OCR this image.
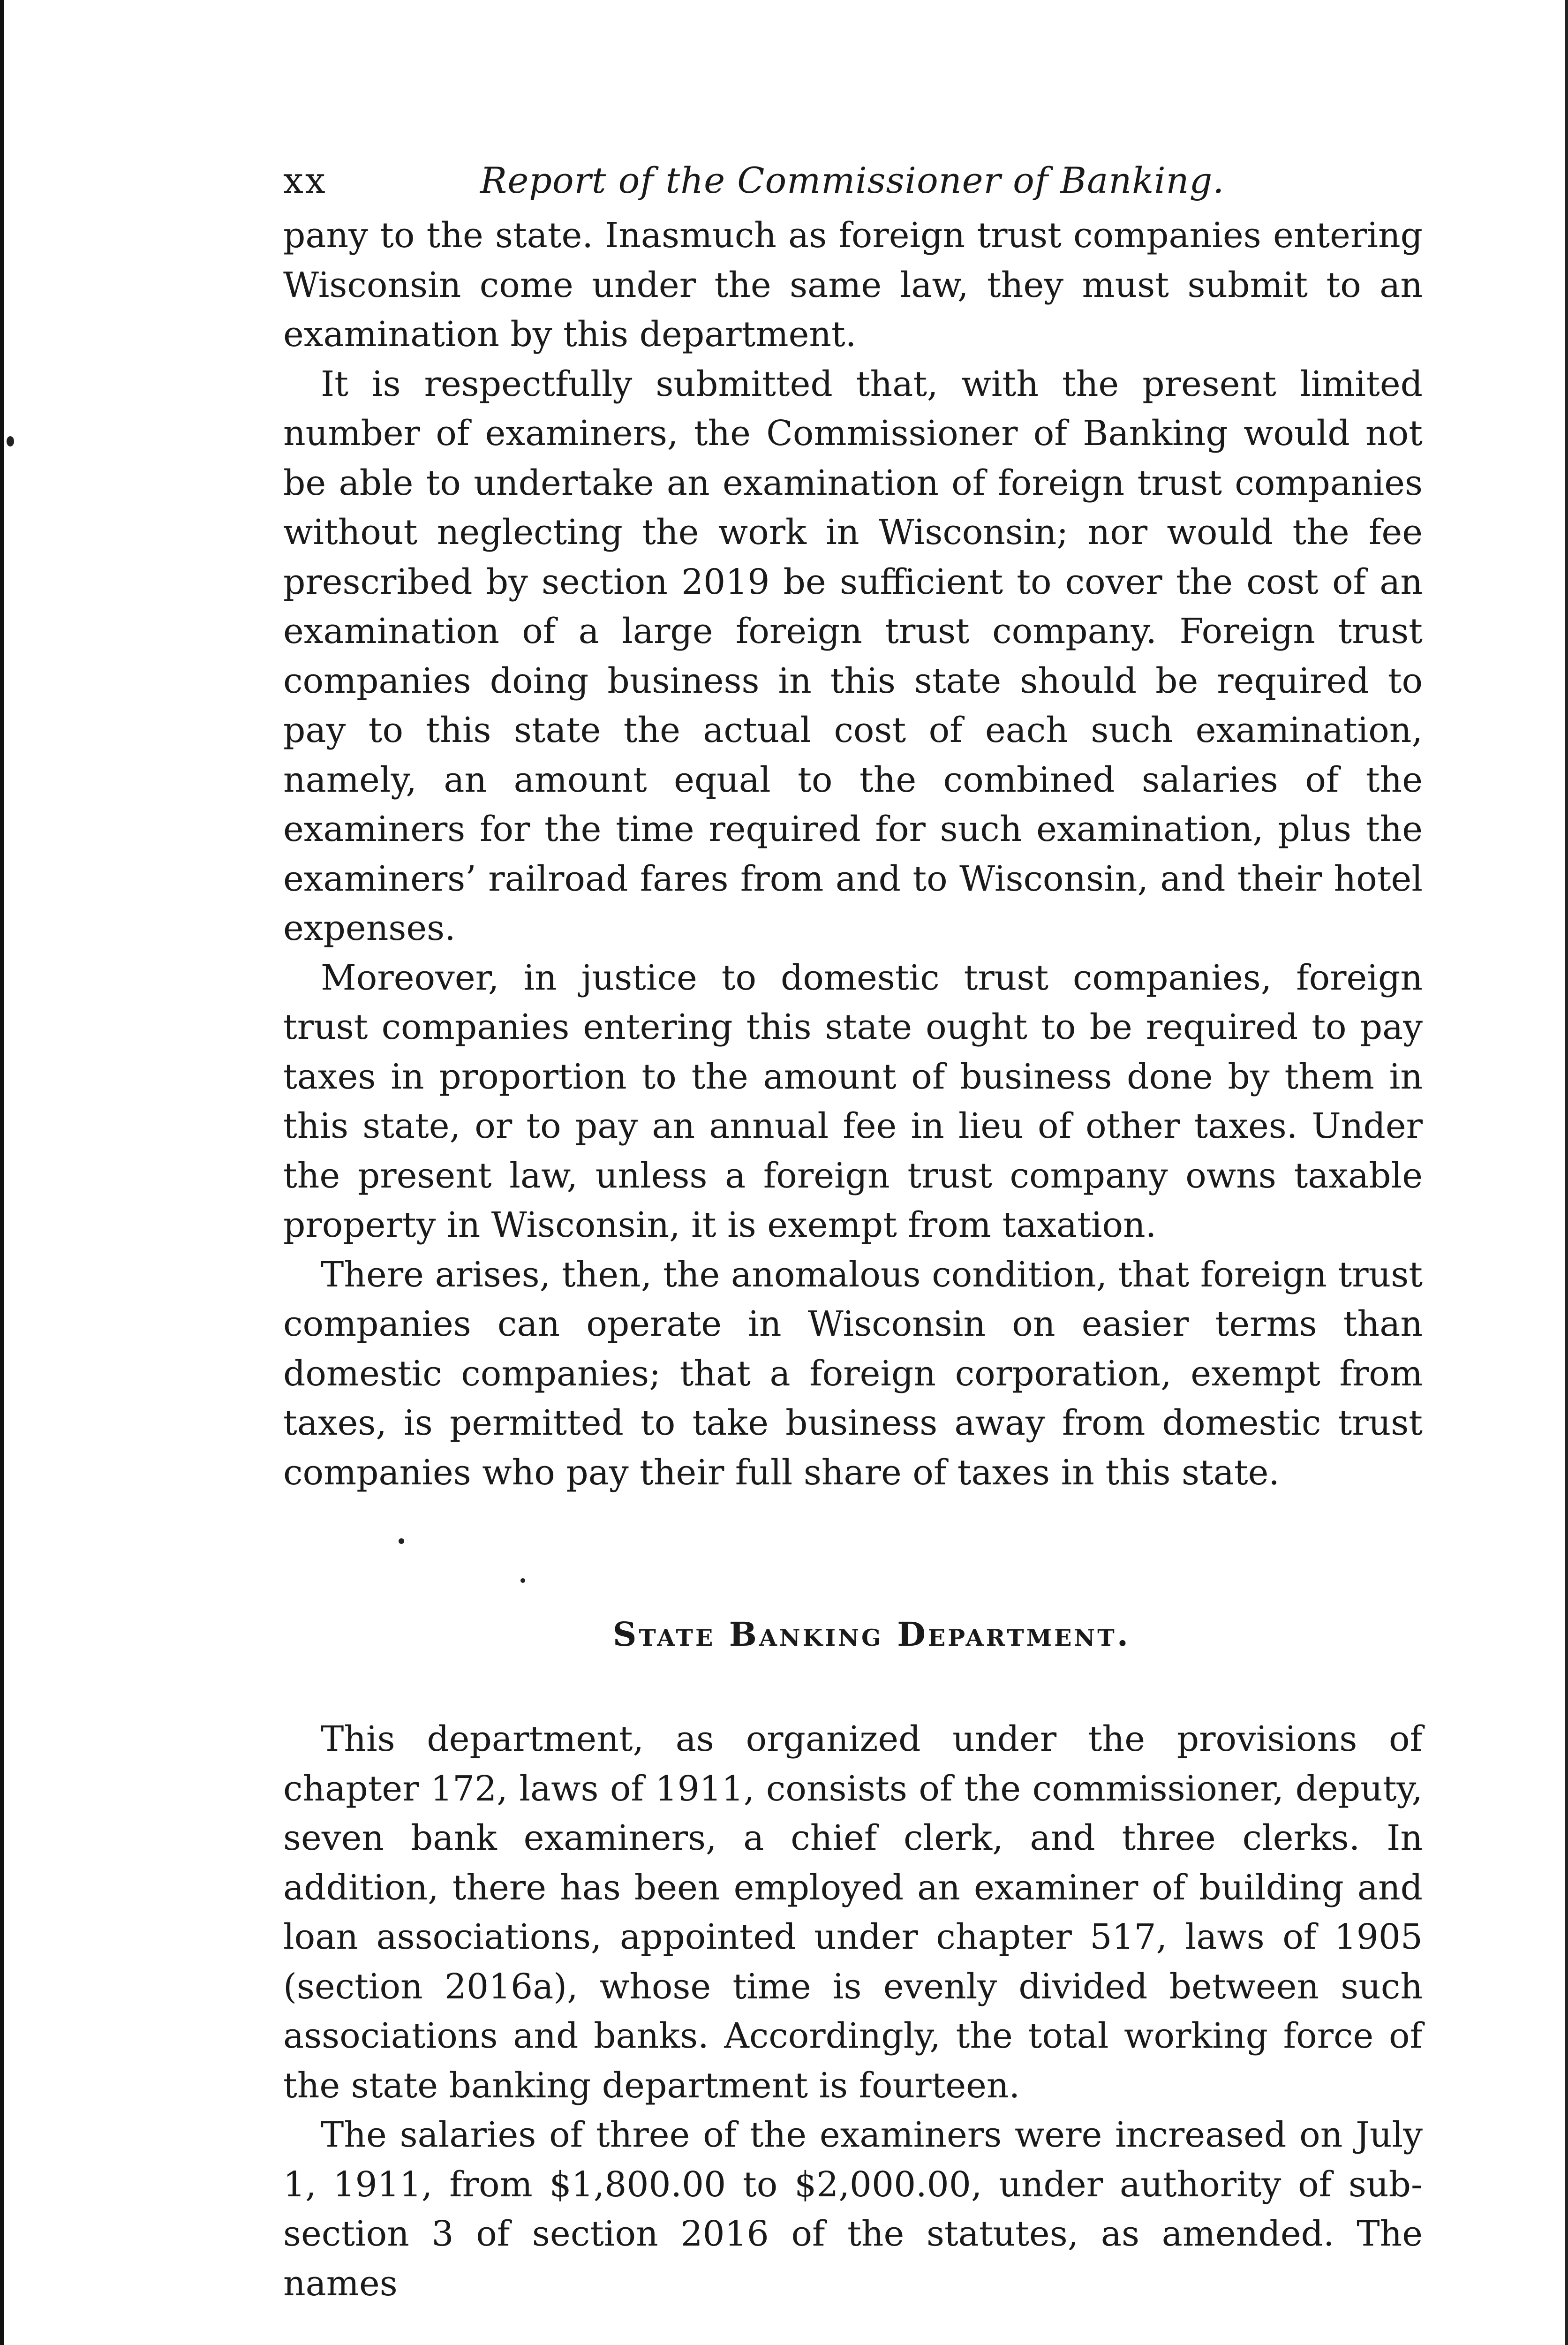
xx	Report of the Commissioner of Banking.

pany to the state. Inasmuch as foreign trust companies entering Wisconsin come under the same law, they must submit to an examination by this department.

It is respectfully submitted that, with the present limited number of examiners, the Commissioner of Banking would not be able to undertake an examination of foreign trust companies without neglecting the work in Wisconsin; nor would the fee prescribed by section 2019 be sufficient to cover the cost of an examination of a large foreign trust company. Foreign trust companies doing business in this state should be required to pay to this state the actual cost of each such examination, namely, an amount equal to the combined salaries of the examiners for the time required for such examination, plus the examiners’ railroad fares from and to Wisconsin, and their hotel expenses.

Moreover, in justice to domestic trust companies, foreign trust companies entering this state ought to be required to pay taxes in proportion to the amount of business done by them in this state, or to pay an annual fee in lieu of other taxes. Under the present law, unless a foreign trust company owns taxable property in Wisconsin, it is exempt from taxation.

There arises, then, the anomalous condition, that foreign trust companies can operate in Wisconsin on easier terms than domestic companies; that a foreign corporation, exempt from taxes, is permitted to take business away from domestic trust companies who pay their full share of taxes in this state.

State Banking Department.

This department, as organized under the provisions of chapter 172, laws of 1911, consists of the commissioner, deputy, seven bank examiners, a chief clerk, and three clerks. In addition, there has been employed an examiner of building and loan associations, appointed under chapter 517, laws of 1905 (section 2016a), whose time is evenly divided between such associations and banks. Accordingly, the total working force of the state banking department is fourteen.

The salaries of three of the examiners were increased on July 1, 1911, from $1,800.00 to $2,000.00, under authority of subsection 3 of section 2016 of the statutes, as amended. The names
